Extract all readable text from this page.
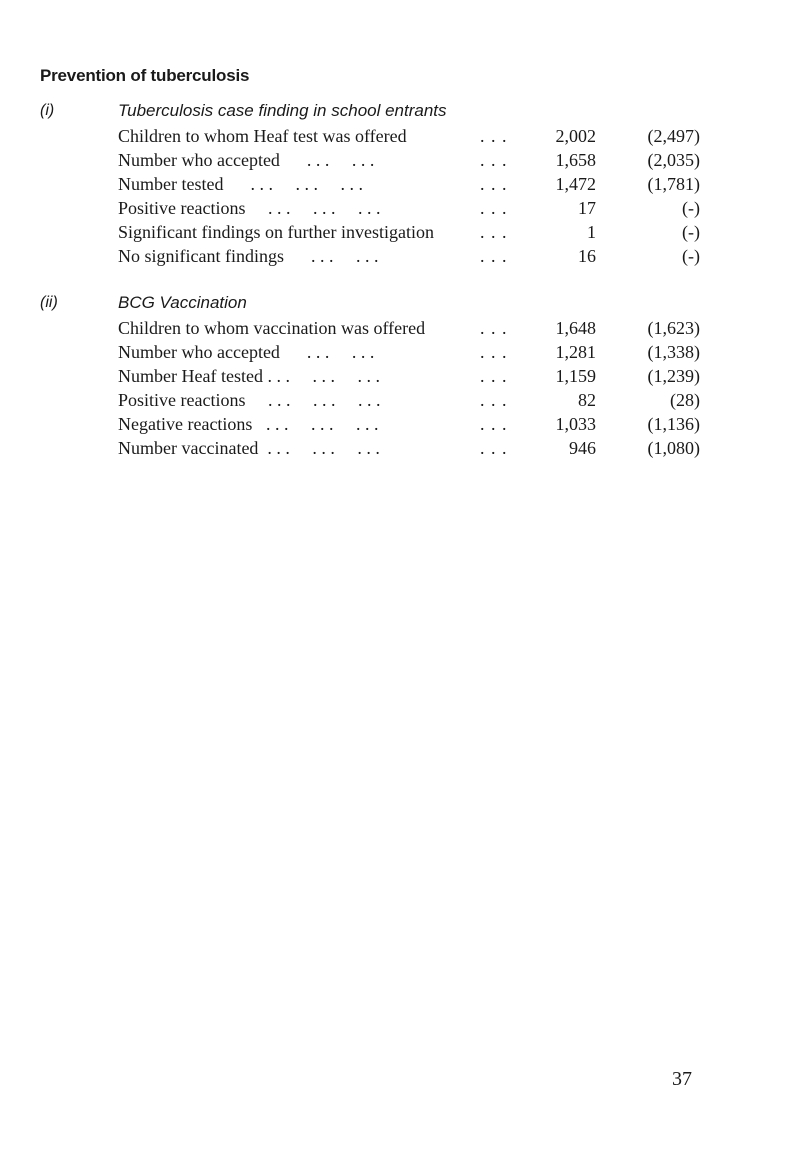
Prevention of tuberculosis
(i)	Tuberculosis case finding in school entrants
Children to whom Heaf test was offered	. . .	2,002	(2,497)
Number who accepted      . . .     . . .	. . .	1,658	(2,035)
Number tested      . . .     . . .     . . .	. . .	1,472	(1,781)
Positive reactions     . . .     . . .     . . .	. . .	17	(-)
Significant findings on further investigation	. . .	1	(-)
No significant findings      . . .     . . .	. . .	16	(-)
(ii)	BCG Vaccination
Children to whom vaccination was offered	. . .	1,648	(1,623)
Number who accepted      . . .     . . .	. . .	1,281	(1,338)
Number Heaf tested . . .     . . .     . . .	. . .	1,159	(1,239)
Positive reactions     . . .     . . .     . . .	. . .	82	(28)
Negative reactions   . . .     . . .     . . .	. . .	1,033	(1,136)
Number vaccinated  . . .     . . .     . . .	. . .	946	(1,080)
37
